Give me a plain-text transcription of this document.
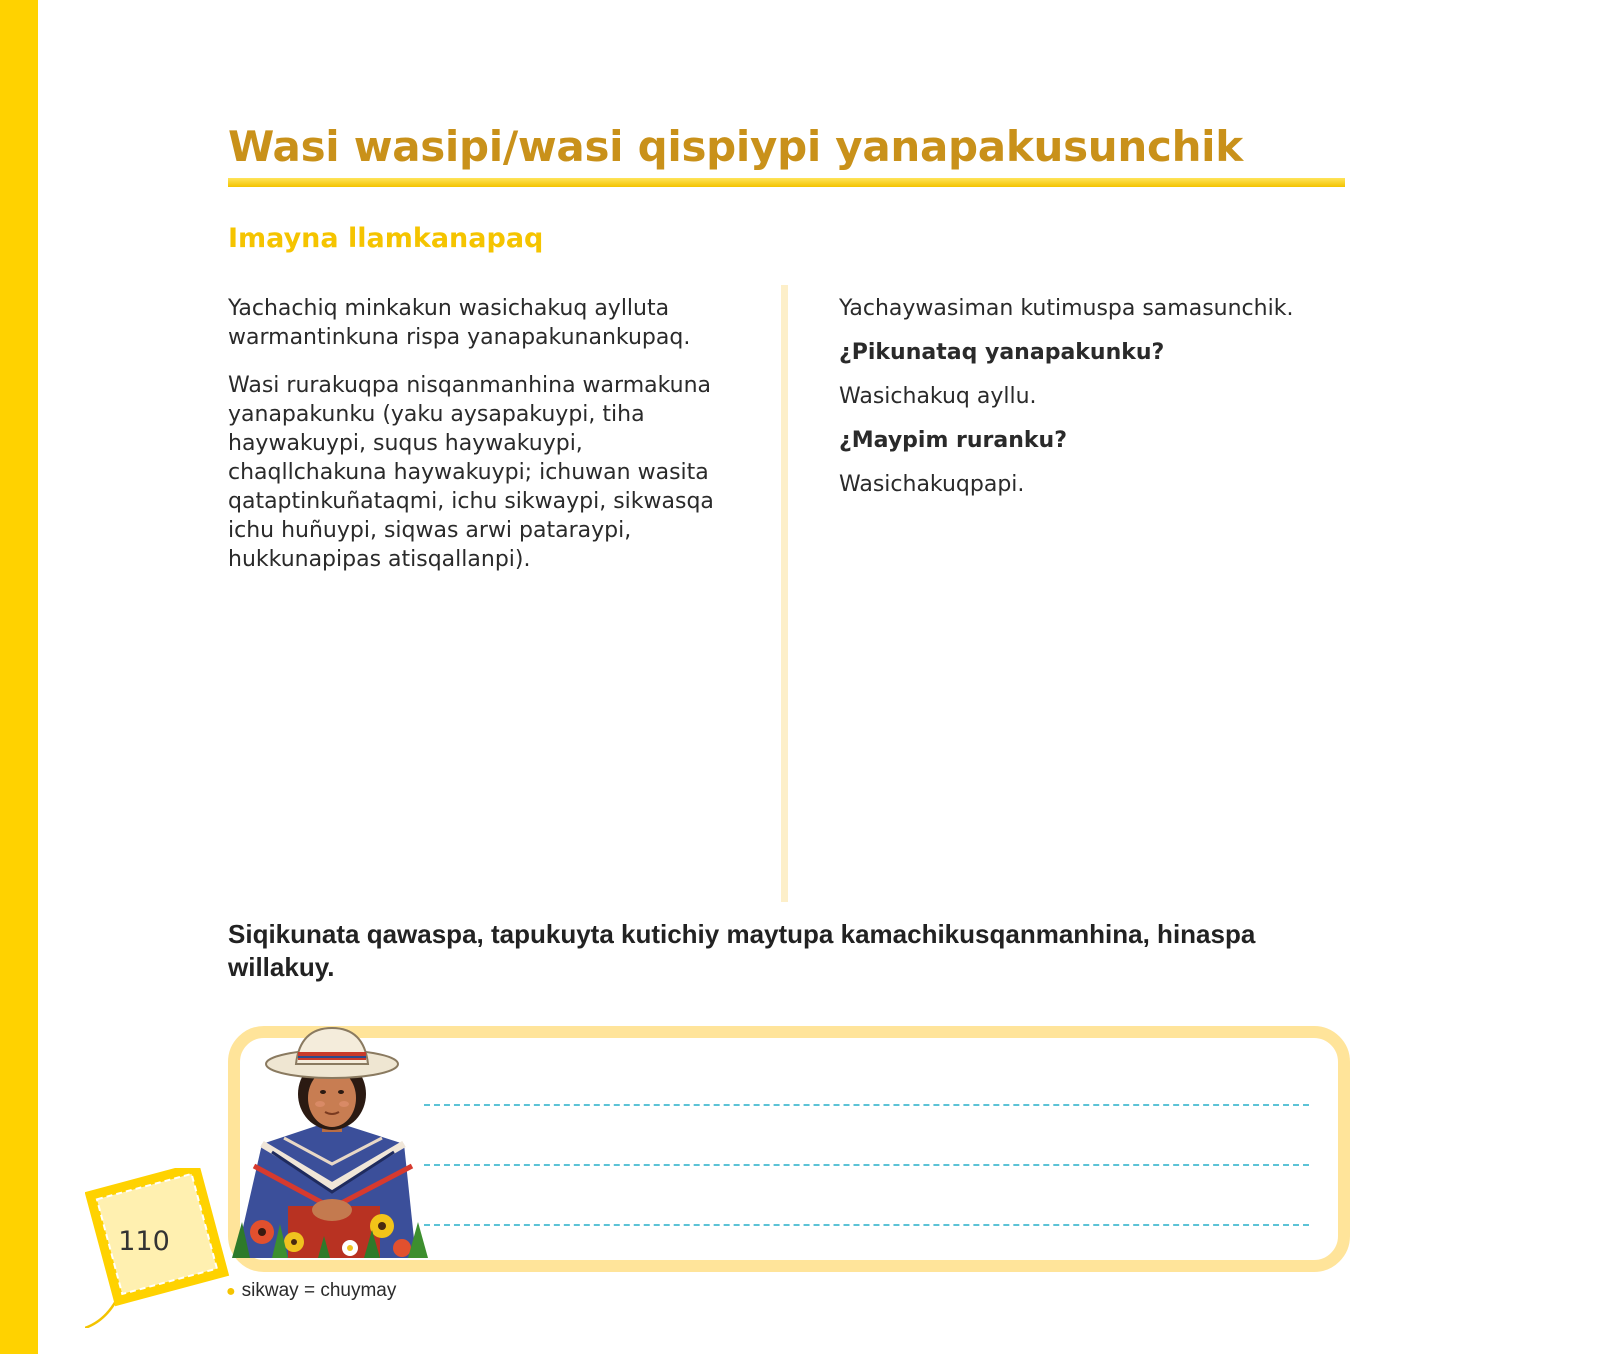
Wasi wasipi/wasi qispiypi yanapakusunchik
Imayna llamkanapaq

Yachachiq minkakun wasichakuq aylluta warmantinkuna rispa yanapakunankupaq.

Wasi rurakuqpa nisqanmanhina warmakuna yanapakunku (yaku aysapakuypi, tiha haywakuypi, suqus haywakuypi, chaqllchakuna haywakuypi; ichuwan wasita qataptinkuñataqmi, ichu sikwaypi, sikwasqa ichu huñuypi, siqwas arwi pataraypi, hukkunapipas atisqallanpi).

Yachaywasiman kutimuspa samasunchik.

¿Pikunataq yanapakunku?

Wasichakuq ayllu.

¿Maypim ruranku?

Wasichakuqpapi.

Siqikunata qawaspa, tapukuyta kutichiy maytupa kamachikusqanmanhina, hinaspa willakuy.

● sikway = chuymay

110
